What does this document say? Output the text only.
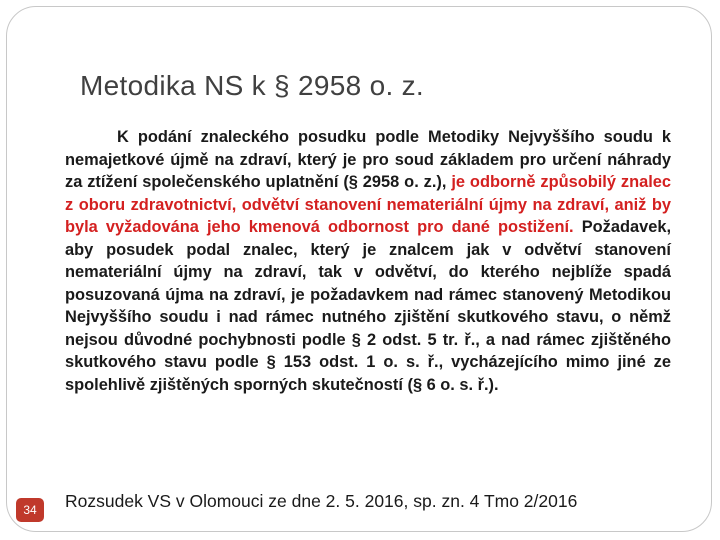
Metodika NS k § 2958 o. z.

K podání znaleckého posudku podle Metodiky Nejvyššího soudu k nemajetkové újmě na zdraví, který je pro soud základem pro určení náhrady za ztížení společenského uplatnění (§ 2958 o. z.), je odborně způsobilý znalec z oboru zdravotnictví, odvětví stanovení nemateriální újmy na zdraví, aniž by byla vyžadována jeho kmenová odbornost pro dané postižení. Požadavek, aby posudek podal znalec, který je znalcem jak v odvětví stanovení nemateriální újmy na zdraví, tak v odvětví, do kterého nejblíže spadá posuzovaná újma na zdraví, je požadavkem nad rámec stanovený Metodikou Nejvyššího soudu i nad rámec nutného zjištění skutkového stavu, o němž nejsou důvodné pochybnosti podle § 2 odst. 5 tr. ř., a nad rámec zjištěného skutkového stavu podle § 153 odst. 1 o. s. ř., vycházejícího mimo jiné ze spolehlivě zjištěných sporných skutečností (§ 6 o. s. ř.).

Rozsudek VS v Olomouci ze dne 2. 5. 2016, sp. zn. 4 Tmo 2/2016
34
